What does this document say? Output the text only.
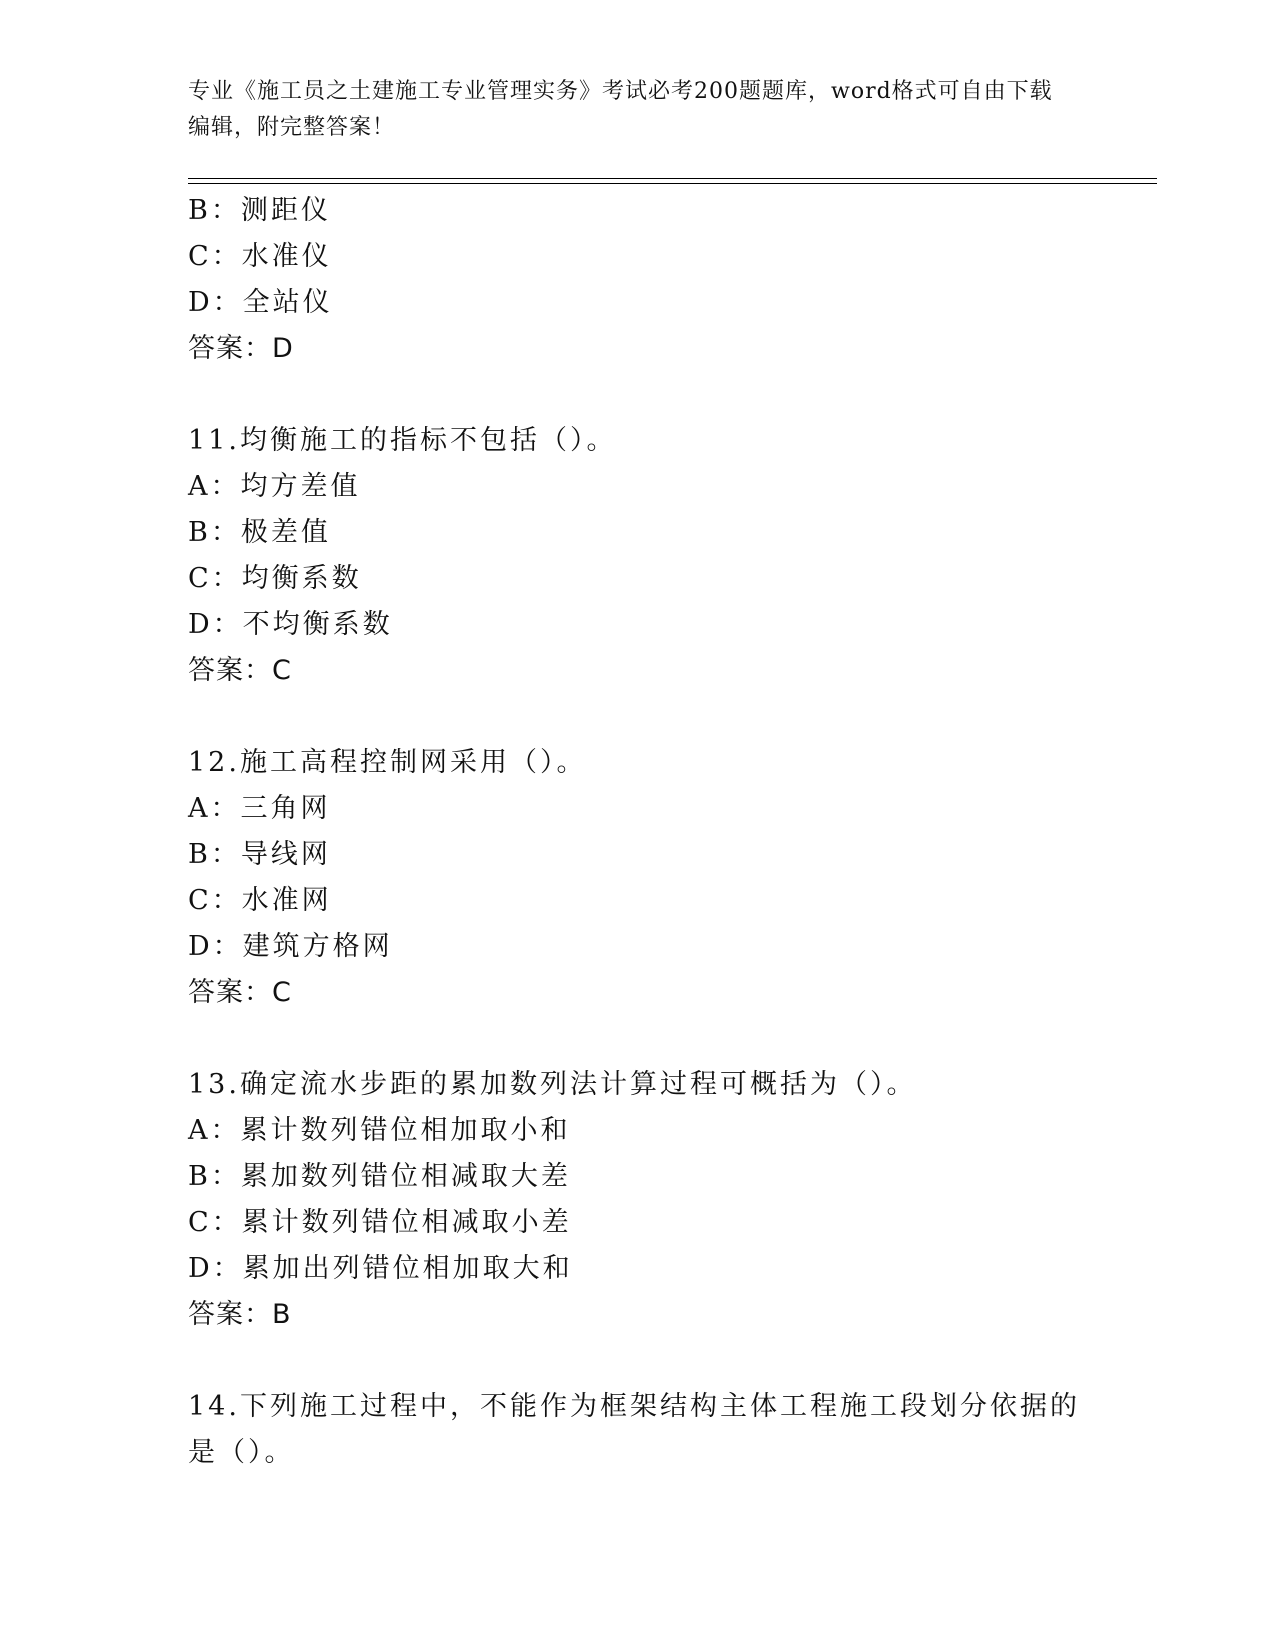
专业《施工员之土建施工专业管理实务》考试必考200题题库，word格式可自由下载编辑，附完整答案！
B：测距仪
C：水准仪
D：全站仪
答案：D
11.均衡施工的指标不包括（）。
A：均方差值
B：极差值
C：均衡系数
D：不均衡系数
答案：C
12.施工高程控制网采用（）。
A：三角网
B：导线网
C：水准网
D：建筑方格网
答案：C
13.确定流水步距的累加数列法计算过程可概括为（）。
A：累计数列错位相加取小和
B：累加数列错位相减取大差
C：累计数列错位相减取小差
D：累加出列错位相加取大和
答案：B
14.下列施工过程中，不能作为框架结构主体工程施工段划分依据的是（）。
